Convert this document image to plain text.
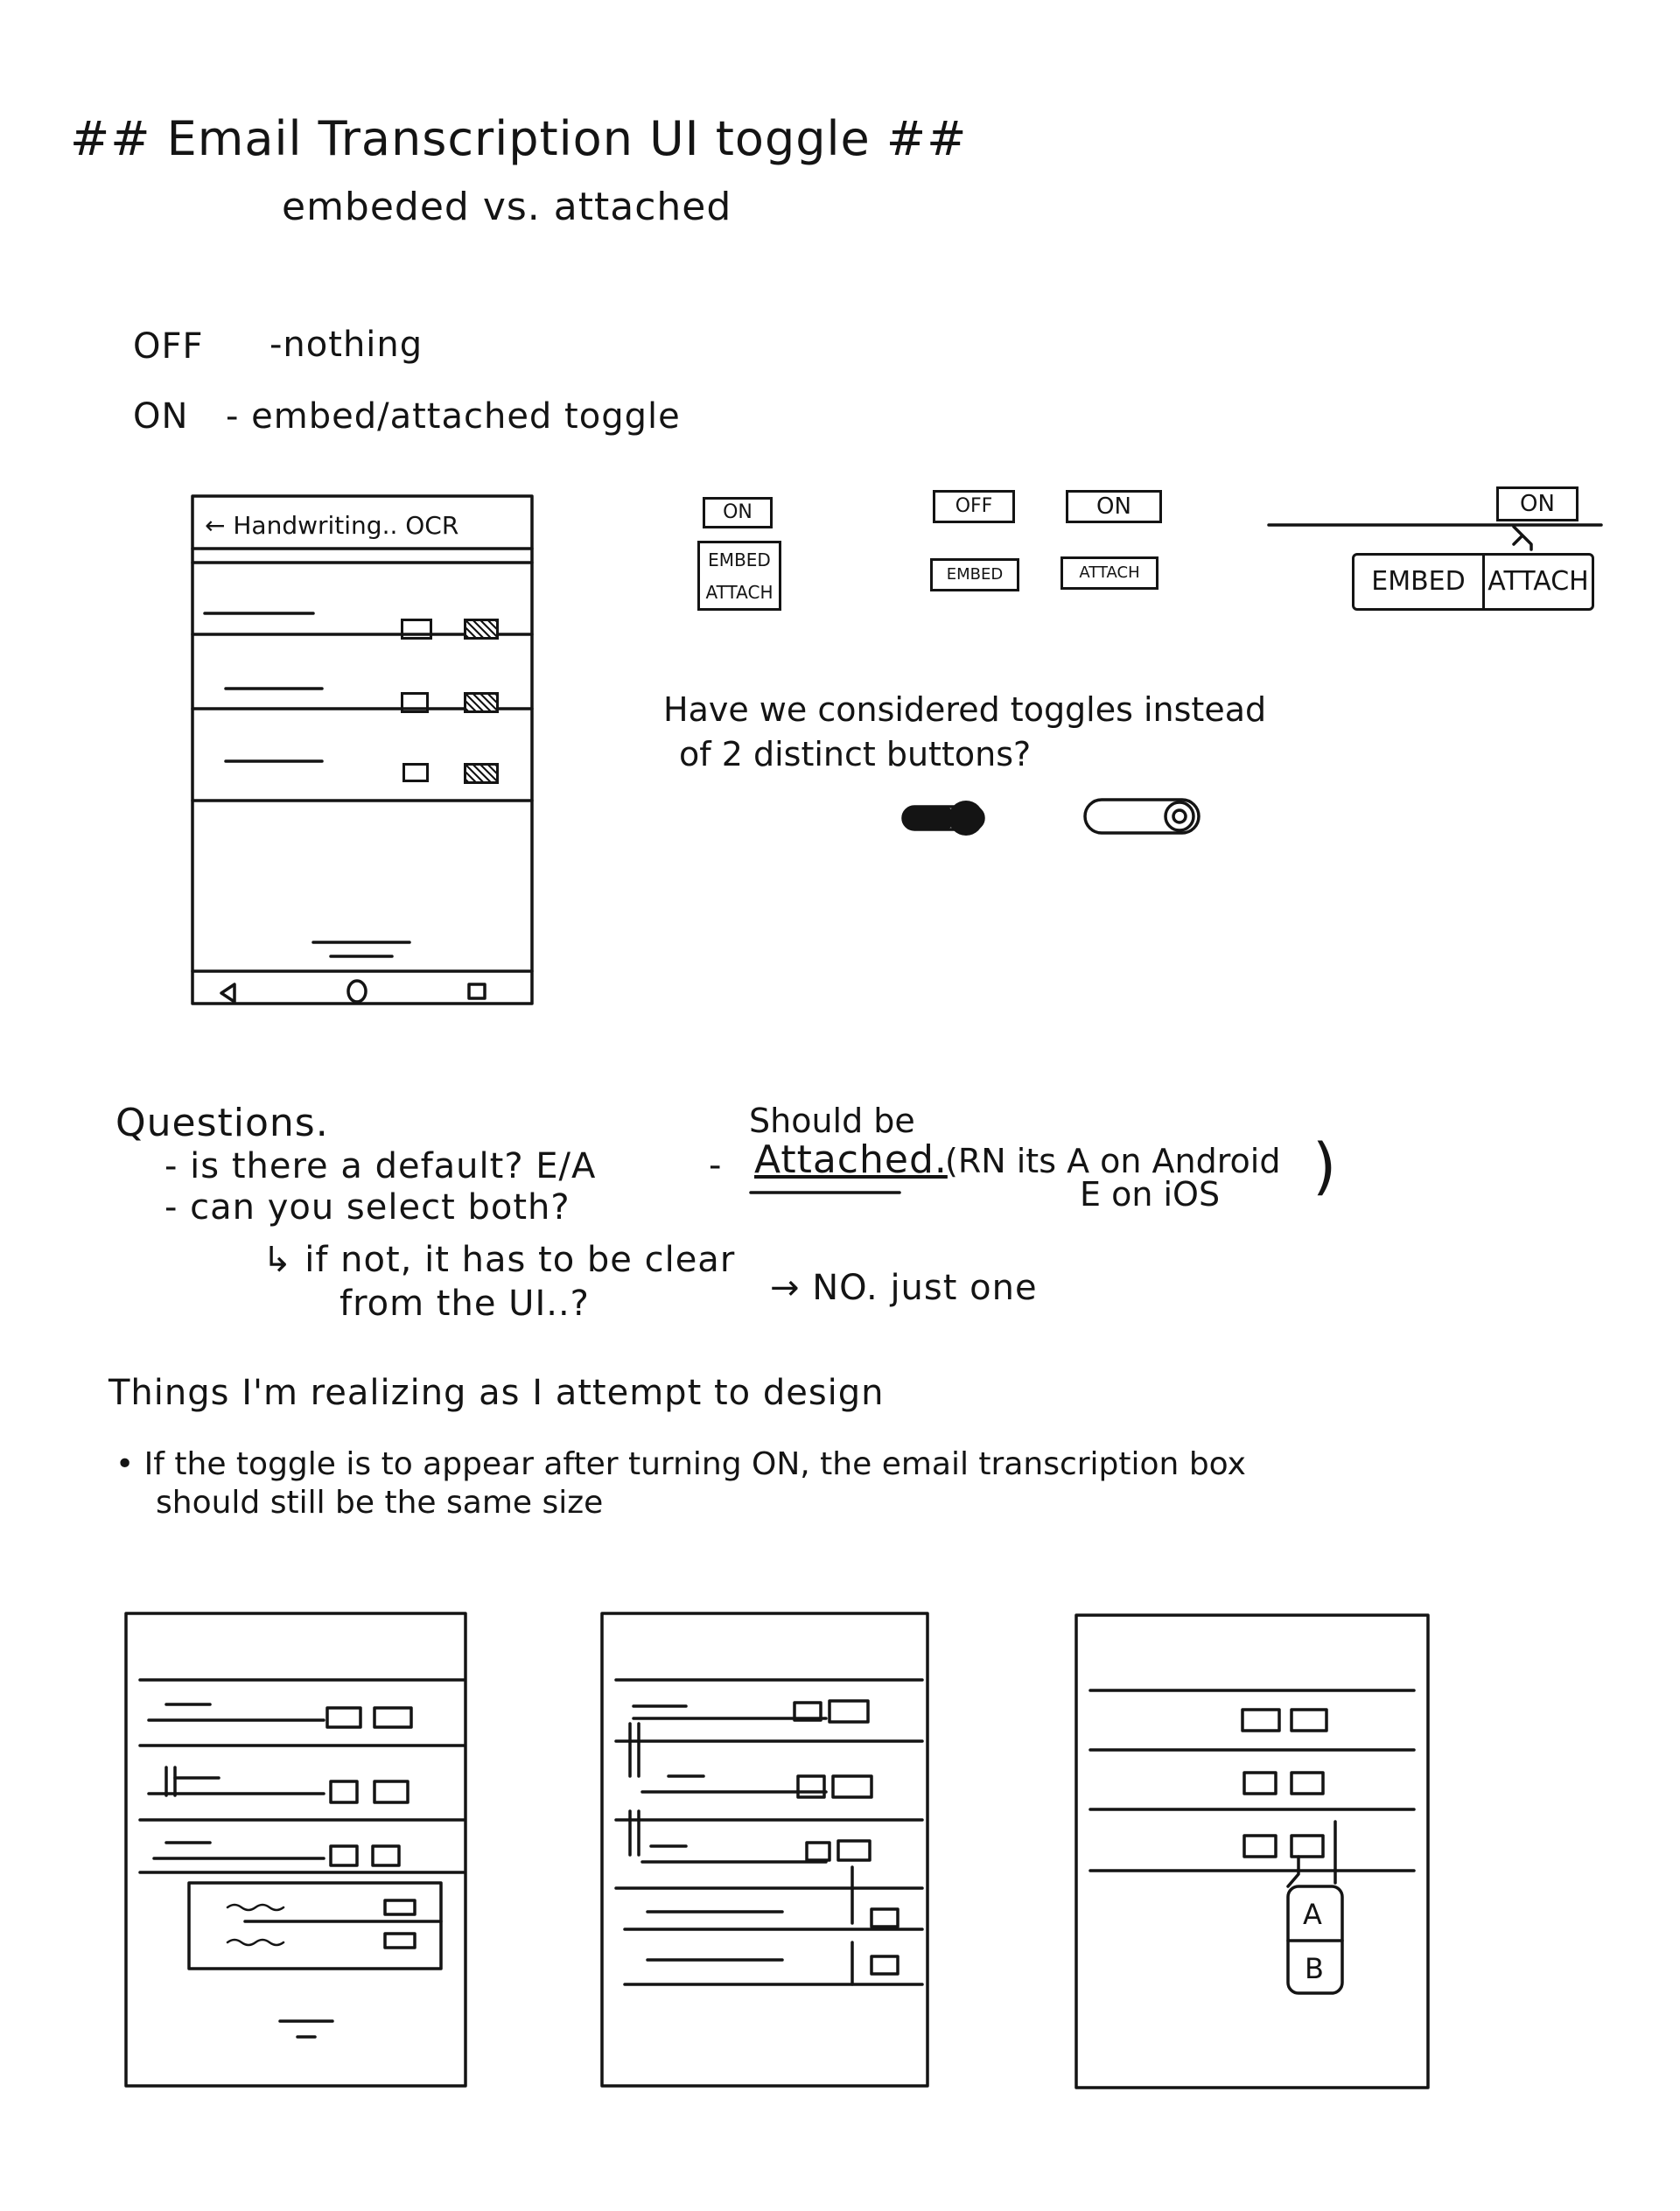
## Email Transcription UI toggle ##
embeded vs. attached
OFF -nothing
ON - embed/attached toggle
← Handwriting.. OCR	ON
EMBED
ATTACH
OFF	ON
EMBED	ATTACH
ON
EMBED ATTACH
Have we considered toggles instead
of 2 distinct buttons?
Questions.
- is there a default? E/A
- can you select both?
↳ if not, it has to be clear
from the UI..?
Should be
- Attached.
(RN its A on Android
E on iOS )
→ NO. just one
Things I'm realizing as I attempt to design
• If the toggle is to appear after turning ON, the email transcription box
should still be the same size
A
B
